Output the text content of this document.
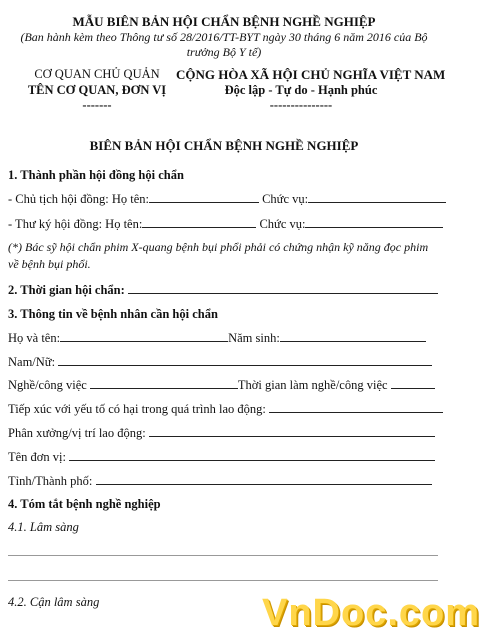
MẪU BIÊN BẢN HỘI CHẨN BỆNH NGHỀ NGHIỆP
(Ban hành kèm theo Thông tư số 28/2016/TT-BYT ngày 30 tháng 6 năm 2016 của Bộ
trưởng Bộ Y tế)
CƠ QUAN CHỦ QUẢN
TÊN CƠ QUAN, ĐƠN VỊ
-------
CỘNG HÒA XÃ HỘI CHỦ NGHĨA VIỆT NAM
Độc lập - Tự do - Hạnh phúc
---------------
BIÊN BẢN HỘI CHẨN BỆNH NGHỀ NGHIỆP
1. Thành phần hội đồng hội chẩn
- Chủ tịch hội đồng: Họ tên:	Chức vụ:
- Thư ký hội đồng: Họ tên:	Chức vụ:
(*) Bác sỹ hội chẩn phim X-quang bệnh bụi phổi phải có chứng nhận kỹ năng đọc phim
về bệnh bụi phổi.
2. Thời gian hội chẩn:
3. Thông tin về bệnh nhân cần hội chẩn
Họ và tên:	Năm sinh:
Nam/Nữ:
Nghề/công việc	Thời gian làm nghề/công việc
Tiếp xúc với yếu tố có hại trong quá trình lao động:
Phân xưởng/vị trí lao động:
Tên đơn vị:
Tỉnh/Thành phố:
4. Tóm tắt bệnh nghề nghiệp
4.1. Lâm sàng
4.2. Cận lâm sàng	VnDoc.com
